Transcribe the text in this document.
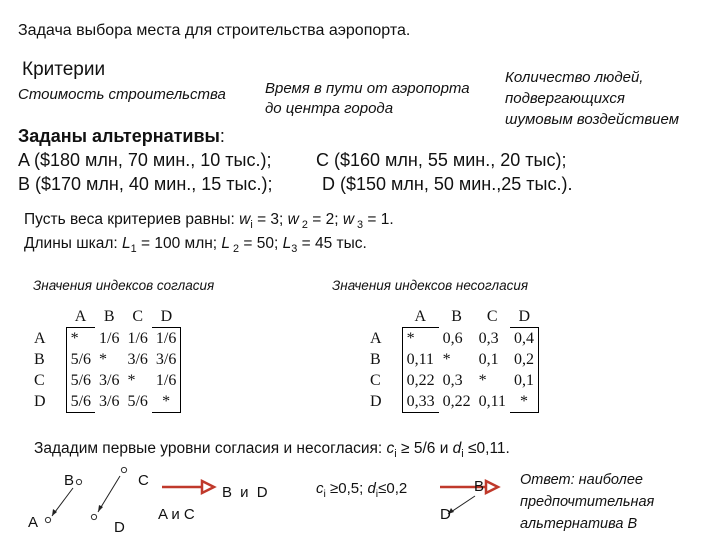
Задача выбора места для строительства аэропорта.
Критерии
Стоимость строительства	Время в пути от аэропорта
до центра города
Количество людей,
подвергающихся
шумовым воздействием
Заданы альтернативы:
A ($180 млн, 70 мин., 10 тыс.); C ($160 млн, 55 мин., 20 тыс);
B ($170 млн, 40 мин., 15 тыс.);	D ($150 млн, 50 мин.,25 тыс.).
Пусть веса критериев равны: $w_i = 3$; w $_2$ = 2; w $_3$ = 1.
Длины шкал: $L_1 = 100$ млн; L $_2$ = 50; $L_3 = 45$ тыс.
Значения индексов согласия	Значения индексов несогласия
	A	B	C	D
A	*	1/6	1/6	1/6
B	5/6	*	3/6	3/6
C	5/6	3/6	*	1/6
D	5/6	3/6	5/6	*
	A	B	C	D
A	*	0,6	0,3	0,4
B	0,11	*	0,1	0,2
C	0,22	0,3	*	0,1
D	0,33	0,22	0,11	*
Зададим первые уровни согласия и несогласия: $c_i \ge 5/6$ и $d_i \le 0,11$.
B	C
A	D
A и C
B и D	$c_i \ge 0,5$; $d_i\le 0,2$	B
D
Ответ: наиболее
предпочтительная
альтернатива B
